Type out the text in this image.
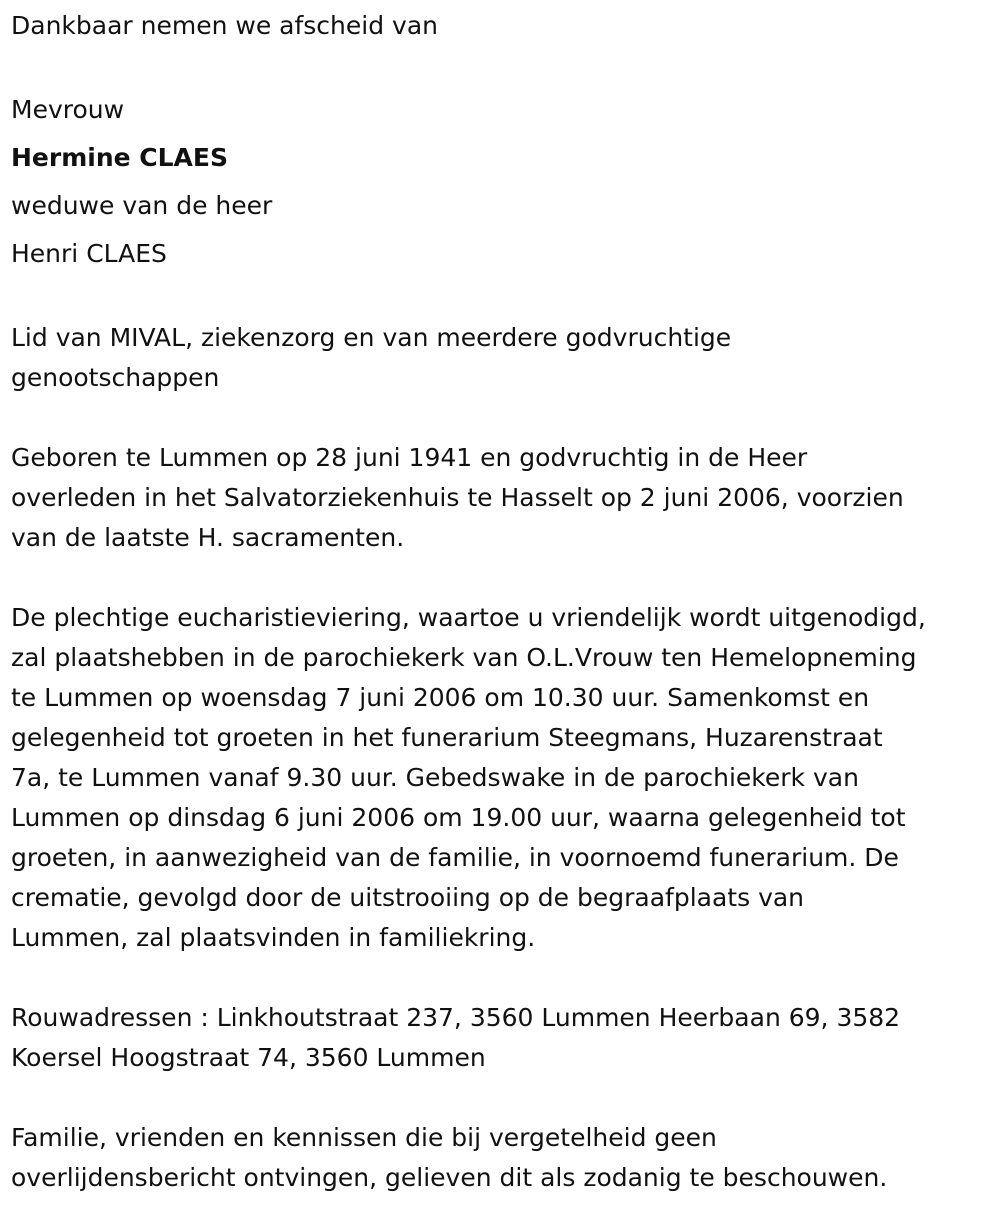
Dankbaar nemen we afscheid van

Mevrouw

Hermine CLAES

weduwe van de heer

Henri CLAES

Lid van MIVAL, ziekenzorg en van meerdere godvruchtige

genootschappen

Geboren te Lummen op 28 juni 1941 en godvruchtig in de Heer

overleden in het Salvatorziekenhuis te Hasselt op 2 juni 2006, voorzien

van de laatste H. sacramenten.

De plechtige eucharistieviering, waartoe u vriendelijk wordt uitgenodigd,

zal plaatshebben in de parochiekerk van O.L.Vrouw ten Hemelopneming

te Lummen op woensdag 7 juni 2006 om 10.30 uur. Samenkomst en

gelegenheid tot groeten in het funerarium Steegmans, Huzarenstraat

7a, te Lummen vanaf 9.30 uur. Gebedswake in de parochiekerk van

Lummen op dinsdag 6 juni 2006 om 19.00 uur, waarna gelegenheid tot

groeten, in aanwezigheid van de familie, in voornoemd funerarium. De

crematie, gevolgd door de uitstrooiing op de begraafplaats van

Lummen, zal plaatsvinden in familiekring.

Rouwadressen : Linkhoutstraat 237, 3560 Lummen Heerbaan 69, 3582

Koersel Hoogstraat 74, 3560 Lummen

Familie, vrienden en kennissen die bij vergetelheid geen

overlijdensbericht ontvingen, gelieven dit als zodanig te beschouwen.
